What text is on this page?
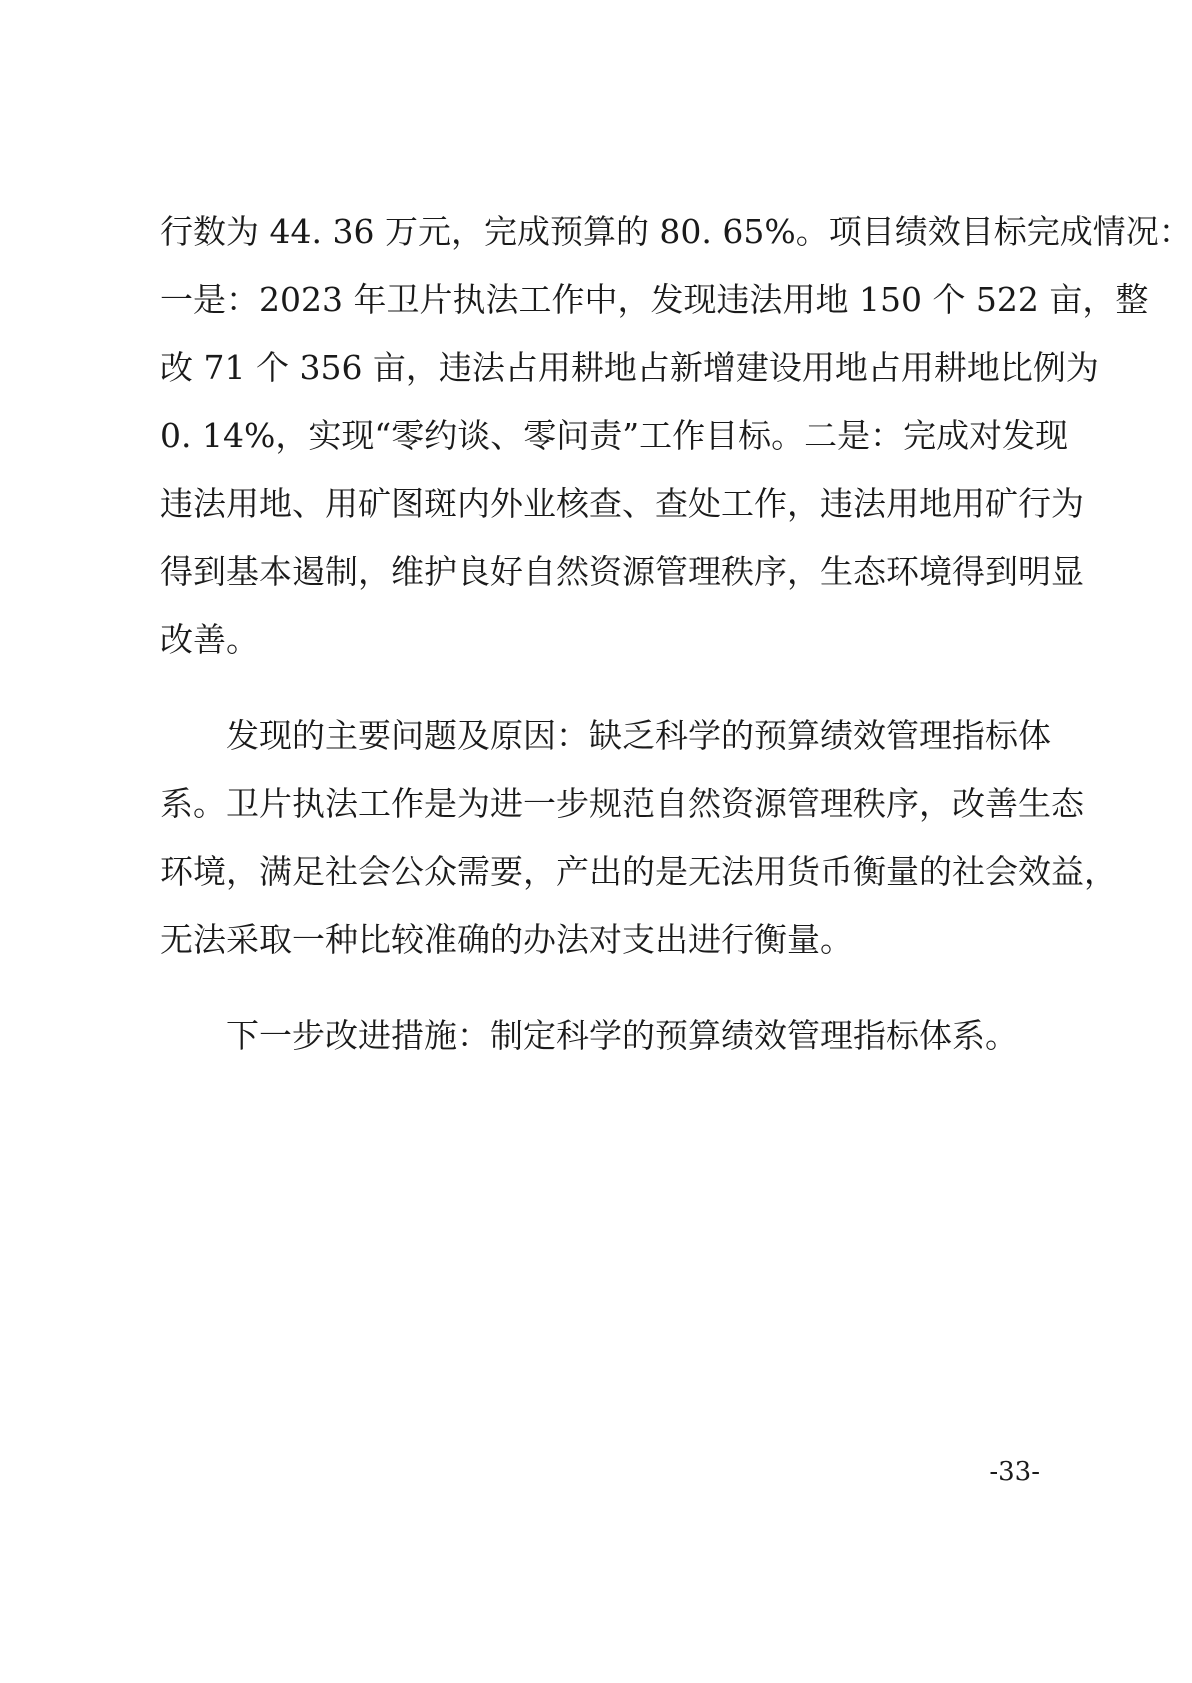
行数为 44. 36 万元，完成预算的 80. 65%。项目绩效目标完成情况：
一是：2023 年卫片执法工作中，发现违法用地 150 个 522 亩，整
改 71 个 356 亩，违法占用耕地占新增建设用地占用耕地比例为
0. 14%，实现“零约谈、零问责”工作目标。二是：完成对发现
违法用地、用矿图斑内外业核查、查处工作，违法用地用矿行为
得到基本遏制，维护良好自然资源管理秩序，生态环境得到明显
改善。
发现的主要问题及原因：缺乏科学的预算绩效管理指标体
系。卫片执法工作是为进一步规范自然资源管理秩序，改善生态
环境，满足社会公众需要，产出的是无法用货币衡量的社会效益，
无法采取一种比较准确的办法对支出进行衡量。
下一步改进措施：制定科学的预算绩效管理指标体系。
-33-
